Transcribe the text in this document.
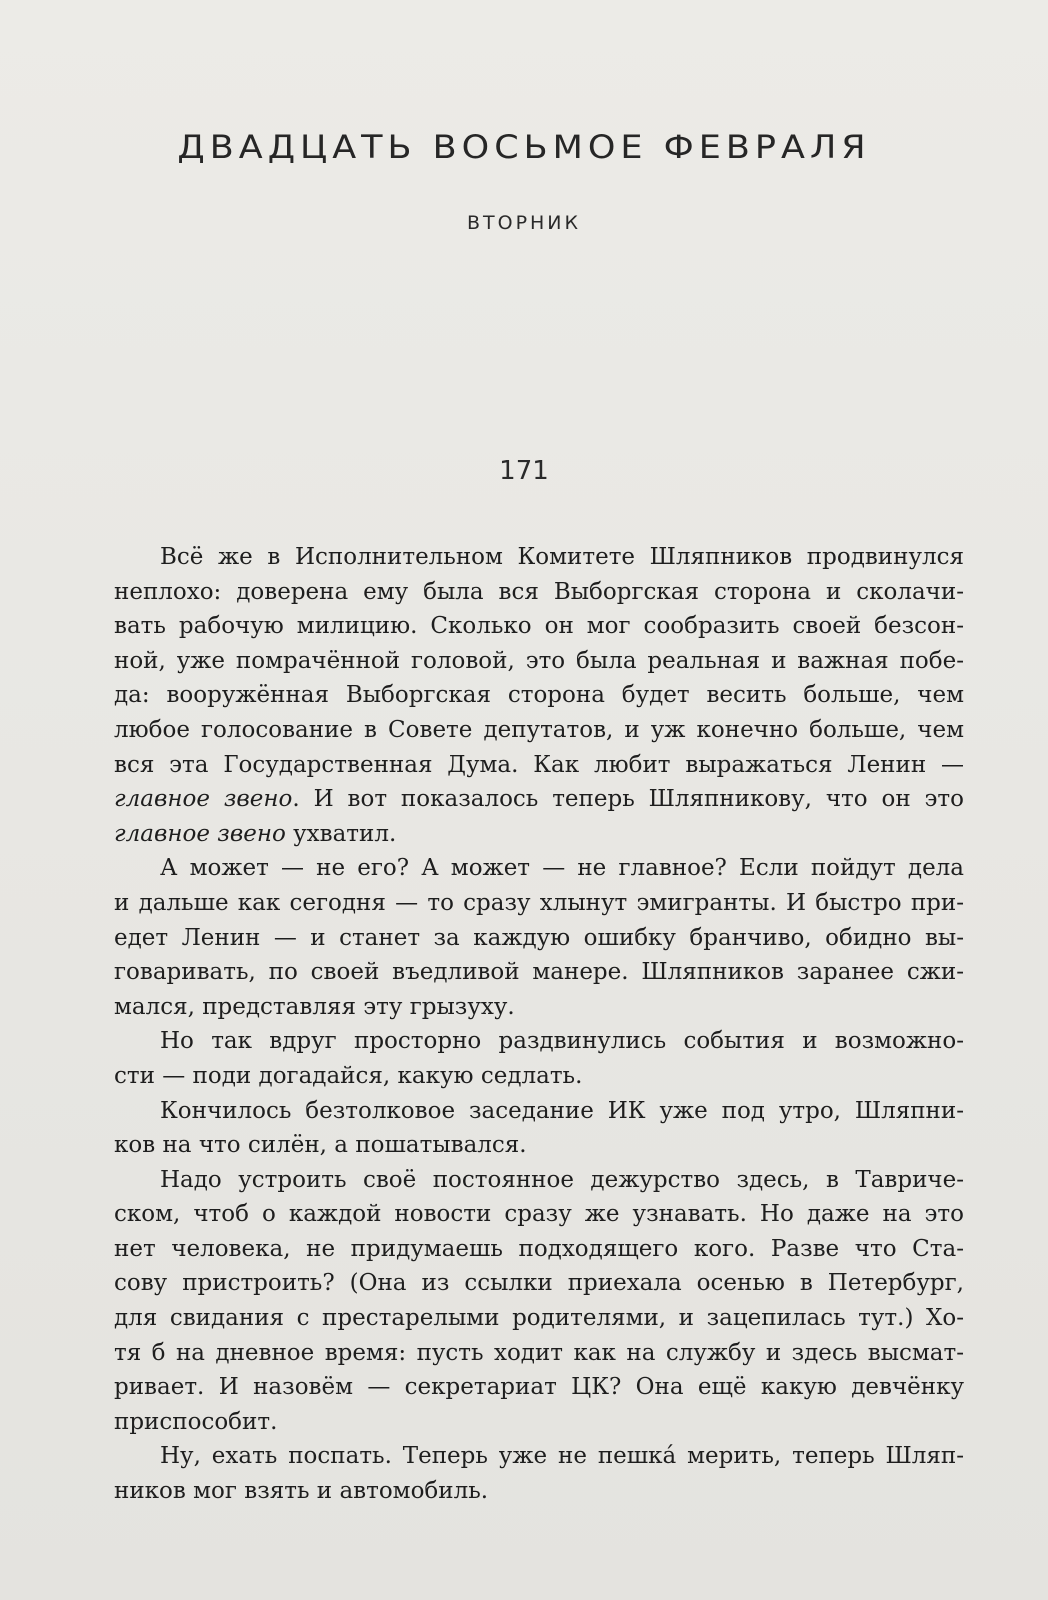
ДВАДЦАТЬ ВОСЬМОЕ ФЕВРАЛЯ
ВТОРНИК
171
Всё же в Исполнительном Комитете Шляпников продвинулся
неплохо: доверена ему была вся Выборгская сторона и сколачи-
вать рабочую милицию. Сколько он мог сообразить своей безсон-
ной, уже помрачённой головой, это была реальная и важная побе-
да: вооружённая Выборгская сторона будет весить больше, чем
любое голосование в Совете депутатов, и уж конечно больше, чем
вся эта Государственная Дума. Как любит выражаться Ленин —
главное звено. И вот показалось теперь Шляпникову, что он это
главное звено ухватил.
А может — не его? А может — не главное? Если пойдут дела
и дальше как сегодня — то сразу хлынут эмигранты. И быстро при-
едет Ленин — и станет за каждую ошибку бранчиво, обидно вы-
говаривать, по своей въедливой манере. Шляпников заранее сжи-
мался, представляя эту грызуху.
Но так вдруг просторно раздвинулись события и возможно-
сти — поди догадайся, какую седлать.
Кончилось безтолковое заседание ИК уже под утро, Шляпни-
ков на что силён, а пошатывался.
Надо устроить своё постоянное дежурство здесь, в Тавриче-
ском, чтоб о каждой новости сразу же узнавать. Но даже на это
нет человека, не придумаешь подходящего кого. Разве что Ста-
сову пристроить? (Она из ссылки приехала осенью в Петербург,
для свидания с престарелыми родителями, и зацепилась тут.) Хо-
тя б на дневное время: пусть ходит как на службу и здесь высмат-
ривает. И назовём — секретариат ЦК? Она ещё какую девчёнку
приспособит.
Ну, ехать поспать. Теперь уже не пешка́ мерить, теперь Шляп-
ников мог взять и автомобиль.
